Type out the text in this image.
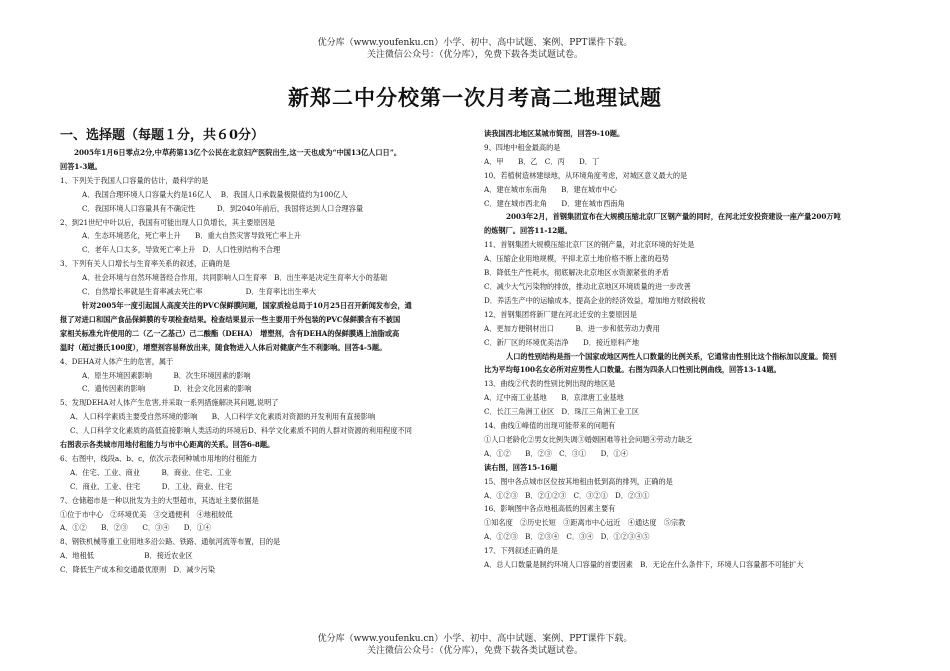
优分库（www.youfenku.cn）小学、初中、高中试题、案例、PPT课件下载。
关注微信公众号：（优分库），免费下载各类试题试卷。
新郑二中分校第一次月考高二地理试题
一、选择题（每题１分，共６0分）
2005年1月6日零点2分,中草药第13亿个公民在北京妇产医院出生,这一天也成为“中国13亿人口日”。
回答1-3题。
1、下列关于我国人口容量的估计，最科学的是
A．我国合理环境人口容量大约是16亿人　 B．我国人口承载量极限值约为100亿人
C．我国环境人口容量具有不确定性　　　D．到2040年前后，我国将达到人口合理容量
2、到21世纪中叶以后，我国有可能出现人口负增长，其主要原因是
A．生态环境恶化，死亡率上升　　B．重大自然灾害导致死亡率上升
C．老年人口太多，导致死亡率上升　D．人口性别结构不合理
3、下列有关人口增长与生育率关系的叙述，正确的是
A．社会环境与自然环境普经合作用，共同影响人口生育率　B．出生率是决定生育率大小的基础
C．自然增长率就是生育率减去死亡率　　　　　　D．生育率比出生率大
针对2005年一度引起国人高度关注的PVC保鲜膜问题，国家质检总局于10月25日召开新闻发布会，通
报了对进口和国产食品保鲜膜的专项检查结果。检查结果显示一些主要用于外包装的PVC保鲜膜含有不被国
家相关标准允许使用的二（乙一乙基己）己二酸酯（DEHA）　增塑剂，含有DEHA的保鲜膜遇上油脂或高
温时（超过摄氏100度），增塑剂容易释放出来，随食物进入人体后对健康产生不利影响。回答4-5题。
4、DEHA对人体产生的危害，属于
A．原生环境因素影响　　　B．次生环境因素的影响
C．遗传因素的影响　　　　D．社会文化因素的影响
5、发现DEHA对人体产生危害,并采取一系列措施解决其问题,说明了
A、人口科学素质主要受自然环境的影响　　B、人口科学文化素质对资源的开发利用有直接影响
C、人口科学文化素质的高低直接影响人类活动的环境后D、科学文化素质不同的人群对资源的利用程度不同
右图表示各类城市用地付租能力与市中心距离的关系。回答6-8题。
6、右图中，线段a、b、c，依次示表何种城市用地的付租能力
A．住宅、工业、商业　　　B．商业、住宅、工业
C．商业、工业、住宅　　　D．工业、商业、住宅
7、仓储超市是一种以批发为主的大型超市，其选址主要依据是
①位于市中心　②环境优美　③交通便利　④地租较低
A．①②　　B．②③　　C．③④　　D．①④
8、钢铁机械等重工业用地多沿公路、铁路、通航河流等布置，目的是
A．地租低　　　　　　　B．接近农业区
C．降低生产成本和交通最优原则　D．减少污染
读我国西北地区某城市简图，回答9-10题。
9、四地中租金最高的是
A．甲　　B．乙　C．丙　　D．丁
10、若植树造林建绿地，从环境角度考虑，对城区意义最大的是
A．建在城市东南角　　B．建在城市中心
C．建在城市西北角　　D．建在城市西南角
2003年2月，首钢集团宣布在大规模压缩北京厂区钢产量的同时，在河北迁安投资建设一座产量200万吨
的炼钢厂。回答11-12题。
11、首钢集团大规模压缩北京厂区的钢产量，对北京环境的好处是
A．压缩企业用地规模，平抑北京土地价格不断上涨的趋势
B．降低生产性耗水，彻底解决北京地区水资源紧张的矛盾
C．减少大气污染物的排放，推动北京地区环境质量的进一步改善
D．养活生产中的运输成本，提高企业的经济效益，增加地方财政税收
12、首钢集团将新厂建在河北迁安的主要原因是
A．更加方便钢材出口　　　B．进一步和低劳动力费用
C．新厂区的环境优美洁净　　D．接近原料产地
人口的性别结构是指一个国家或地区两性人口数量的比例关系，它通常由性别比这个指标加以度量。简别
比为平均每100名女必所对应男性人口数量。右图为四条人口性别比例曲线，回答13-14题。
13、曲线②代表的性别比例出现的地区是
A．辽中南工业基地　　B．京津唐工业基地
C．长江三角洲工业区　D．珠江三角洲工业工区
14、曲线①峰值的出现可能带来的问题有
①人口老龄化②男女比例失调③婚姻困难等社会问题④劳动力缺乏
A．①②　　B．②③　C．③①　　D．①④
读右图，回答15-16题
15、图中各点城市区位按其地租由低到高的排列，正确的是
A．①②③　B．②①②③　C．③②①　D．②③①
16、影响图中各点地租高低的因素主要有
①知名度　②历史长短　③距离市中心远近　④通达度　⑤宗教
A．①②③　B．②③④　C．③④　D．①②③④⑤
17、下列叙述正确的是
A．总人口数量是制约环境人口容量的首要因素　B．无论在什么条件下，环境人口容量都不可能扩大
优分库（www.youfenku.cn）小学、初中、高中试题、案例、PPT课件下载。
关注微信公众号：（优分库），免费下载各类试题试卷。
